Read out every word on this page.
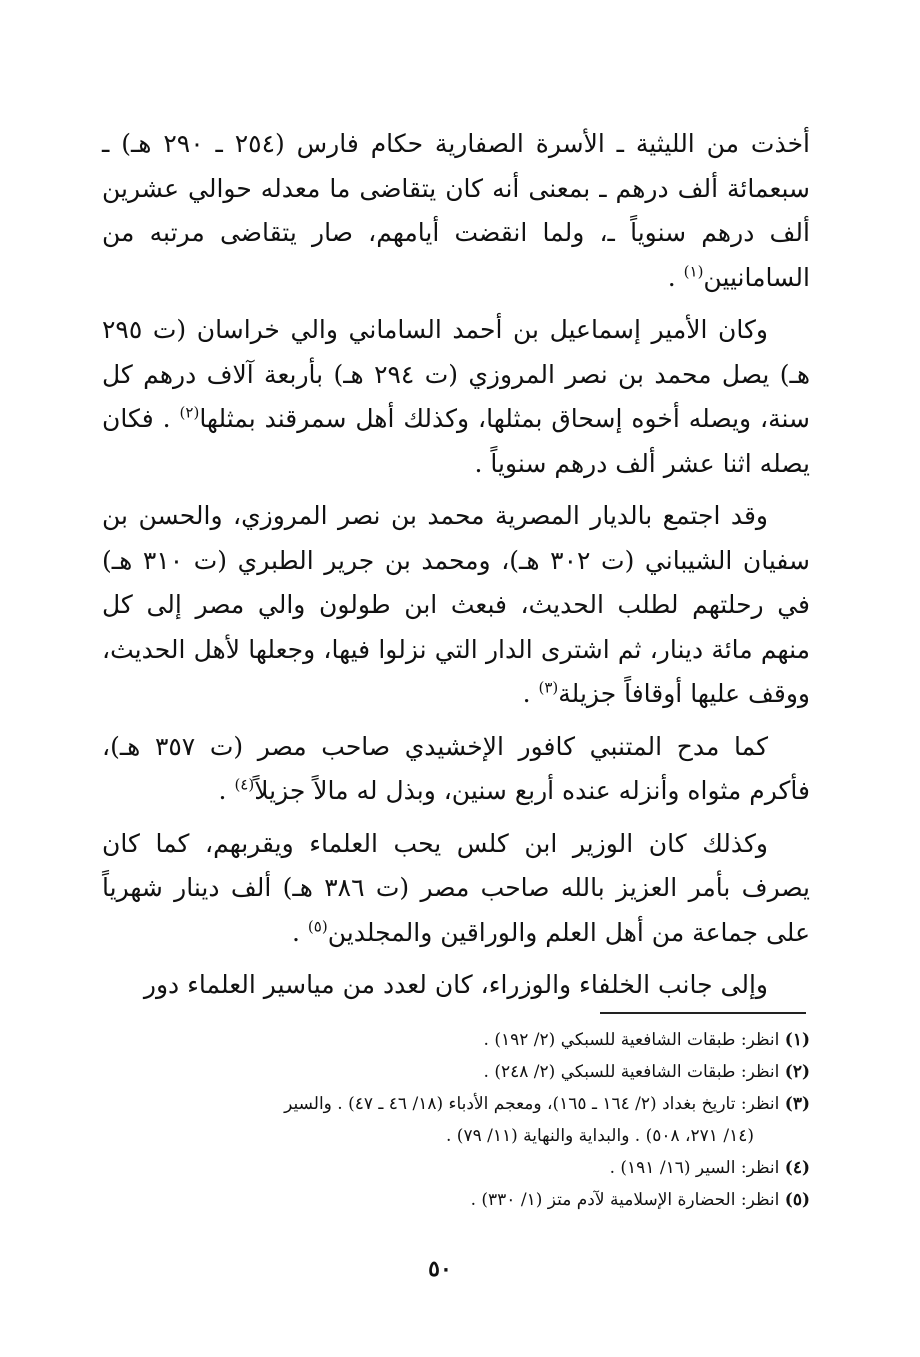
أخذت من الليثية ـ الأسرة الصفارية حكام فارس (٢٥٤ ـ ٢٩٠ هـ) ـ سبعمائة ألف درهم ـ بمعنى أنه كان يتقاضى ما معدله حوالي عشرين ألف درهم سنوياً ـ، ولما انقضت أيامهم، صار يتقاضى مرتبه من السامانيين$^{(١)}$ .

وكان الأمير إسماعيل بن أحمد الساماني والي خراسان (ت ٢٩٥ هـ) يصل محمد بن نصر المروزي (ت ٢٩٤ هـ) بأربعة آلاف درهم كل سنة، ويصله أخوه إسحاق بمثلها، وكذلك أهل سمرقند بمثلها$^{(٢)}$ . فكان يصله اثنا عشر ألف درهم سنوياً .

وقد اجتمع بالديار المصرية محمد بن نصر المروزي، والحسن بن سفيان الشيباني (ت ٣٠٢ هـ)، ومحمد بن جرير الطبري (ت ٣١٠ هـ) في رحلتهم لطلب الحديث، فبعث ابن طولون والي مصر إلى كل منهم مائة دينار، ثم اشترى الدار التي نزلوا فيها، وجعلها لأهل الحديث، ووقف عليها أوقافاً جزيلة$^{(٣)}$ .

كما مدح المتنبي كافور الإخشيدي صاحب مصر (ت ٣٥٧ هـ)، فأكرم مثواه وأنزله عنده أربع سنين، وبذل له مالاً جزيلاً$^{(٤)}$ .

وكذلك كان الوزير ابن كلس يحب العلماء ويقربهم، كما كان يصرف بأمر العزيز بالله صاحب مصر (ت ٣٨٦ هـ) ألف دينار شهرياً على جماعة من أهل العلم والوراقين والمجلدين$^{(٥)}$ .

وإلى جانب الخلفاء والوزراء، كان لعدد من مياسير العلماء دور

(١) انظر: طبقات الشافعية للسبكي (٢/ ١٩٢) .

(٢) انظر: طبقات الشافعية للسبكي (٢/ ٢٤٨) .

(٣) انظر: تاريخ بغداد (٢/ ١٦٤ ـ ١٦٥)، ومعجم الأدباء (١٨/ ٤٦ ـ ٤٧) . والسير

(١٤/ ٢٧١، ٥٠٨) . والبداية والنهاية (١١/ ٧٩) .

(٤) انظر: السير (١٦/ ١٩١) .

(٥) انظر: الحضارة الإسلامية لآدم متز (١/ ٣٣٠) .

٥٠
